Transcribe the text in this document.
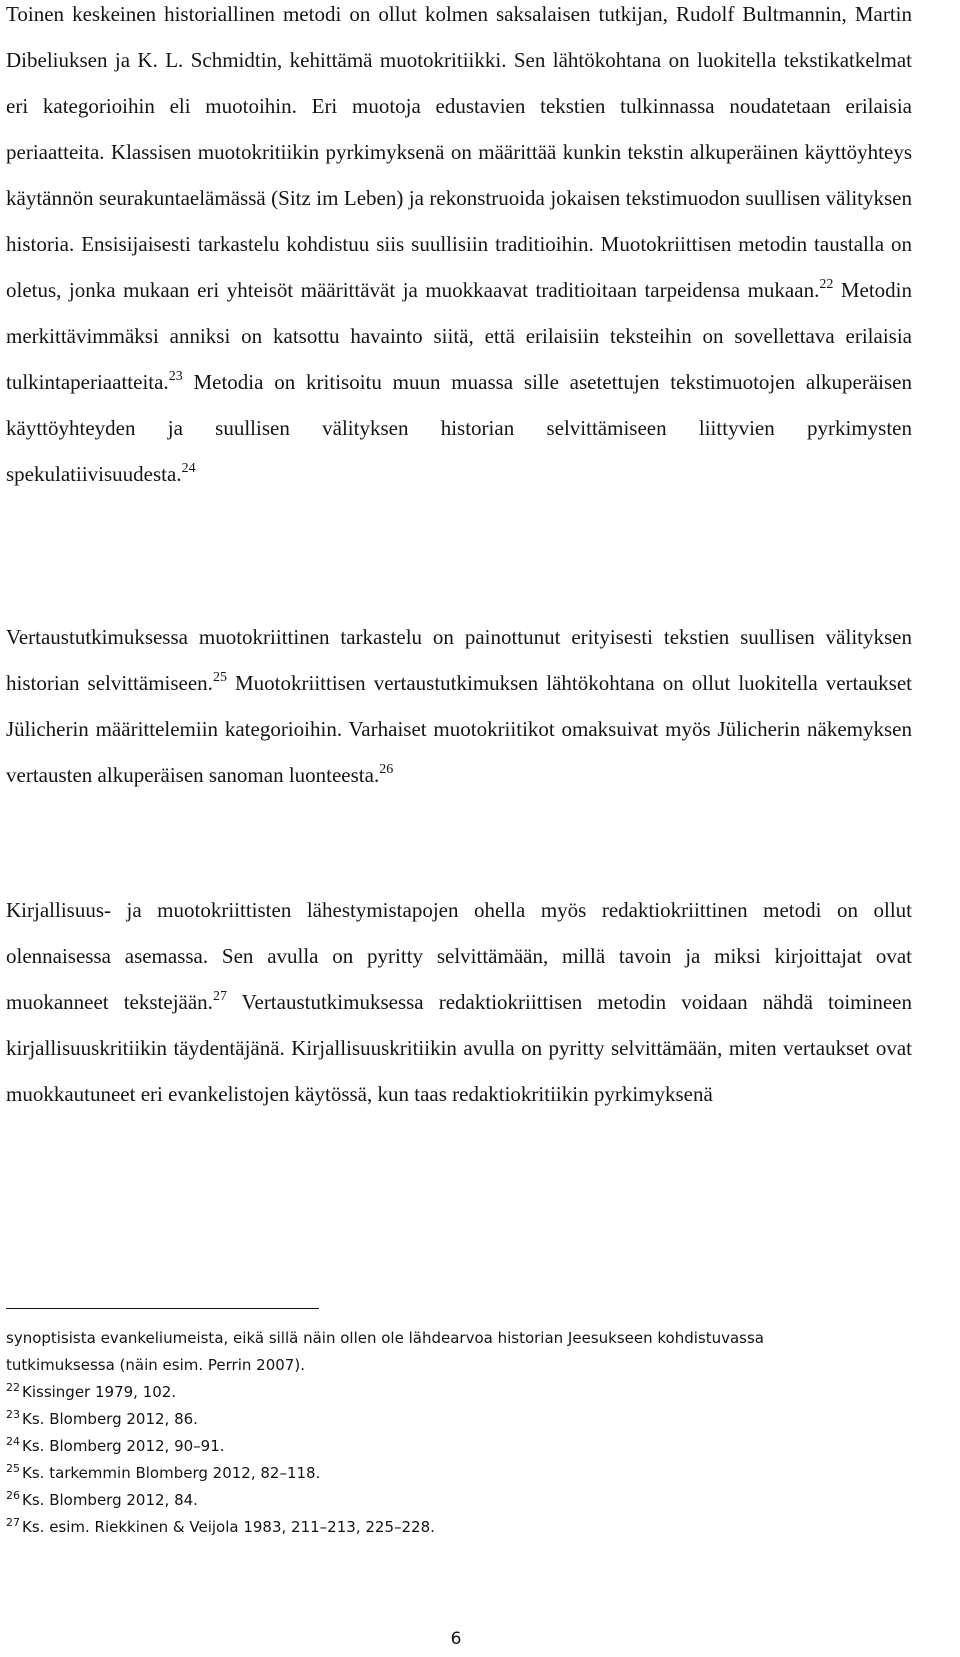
Toinen keskeinen historiallinen metodi on ollut kolmen saksalaisen tutkijan, Rudolf Bultmannin, Martin Dibeliuksen ja K. L. Schmidtin, kehittämä muotokritiikki. Sen lähtökohtana on luokitella tekstikatkelmat eri kategorioihin eli muotoihin. Eri muotoja edustavien tekstien tulkinnassa noudatetaan erilaisia periaatteita. Klassisen muotokritiikin pyrkimyksenä on määrittää kunkin tekstin alkuperäinen käyttöyhteys käytännön seurakuntaelämässä (Sitz im Leben) ja rekonstruoida jokaisen tekstimuodon suullisen välityksen historia. Ensisijaisesti tarkastelu kohdistuu siis suullisiin traditioihin. Muotokriittisen metodin taustalla on oletus, jonka mukaan eri yhteisöt määrittävät ja muokkaavat traditioitaan tarpeidensa mukaan.$^{22}$ Metodin merkittävimmäksi anniksi on katsottu havainto siitä, että erilaisiin teksteihin on sovellettava erilaisia tulkintaperiaatteita.$^{23}$ Metodia on kritisoitu muun muassa sille asetettujen tekstimuotojen alkuperäisen käyttöyhteyden ja suullisen välityksen historian selvittämiseen liittyvien pyrkimysten spekulatiivisuudesta.$^{24}$

Vertaustutkimuksessa muotokriittinen tarkastelu on painottunut erityisesti tekstien suullisen välityksen historian selvittämiseen.$^{25}$ Muotokriittisen vertaustutkimuksen lähtökohtana on ollut luokitella vertaukset Jülicherin määrittelemiin kategorioihin. Varhaiset muotokriitikot omaksuivat myös Jülicherin näkemyksen vertausten alkuperäisen sanoman luonteesta.$^{26}$

Kirjallisuus- ja muotokriittisten lähestymistapojen ohella myös redaktiokriittinen metodi on ollut olennaisessa asemassa. Sen avulla on pyritty selvittämään, millä tavoin ja miksi kirjoittajat ovat muokanneet tekstejään.$^{27}$ Vertaustutkimuksessa redaktiokriittisen metodin voidaan nähdä toimineen kirjallisuuskritiikin täydentäjänä. Kirjallisuuskritiikin avulla on pyritty selvittämään, miten vertaukset ovat muokkautuneet eri evankelistojen käytössä, kun taas redaktiokritiikin pyrkimyksenä

synoptisista evankeliumeista, eikä sillä näin ollen ole lähdearvoa historian Jeesukseen kohdistuvassa
tutkimuksessa (näin esim. Perrin 2007).
$^{22}$ Kissinger 1979, 102.
$^{23}$ Ks. Blomberg 2012, 86.
$^{24}$ Ks. Blomberg 2012, 90–91.
$^{25}$ Ks. tarkemmin Blomberg 2012, 82–118.
$^{26}$ Ks. Blomberg 2012, 84.
$^{27}$ Ks. esim. Riekkinen & Veijola 1983, 211–213, 225–228.
6
